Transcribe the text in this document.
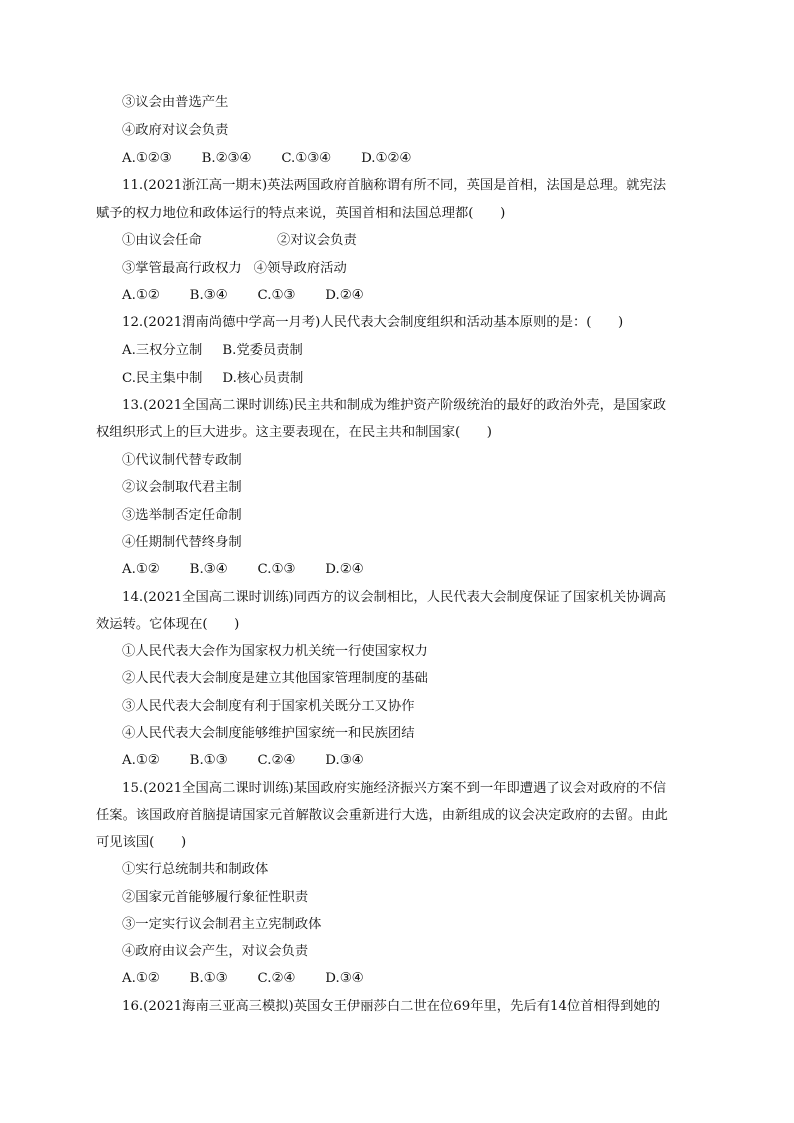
③议会由普选产生
④政府对议会负责
A.①②③ B.②③④ C.①③④ D.①②④
11.(2021浙江高一期末)英法两国政府首脑称谓有所不同，英国是首相，法国是总理。就宪法
赋予的权力地位和政体运行的特点来说，英国首相和法国总理都(　　)
①由议会任命	②对议会负责
③掌管最高行政权力 ④领导政府活动
A.①② B.③④ C.①③ D.②④
12.(2021渭南尚德中学高一月考)人民代表大会制度组织和活动基本原则的是：(　　)
A.三权分立制 B.党委员责制
C.民主集中制 D.核心员责制
13.(2021全国高二课时训练)民主共和制成为维护资产阶级统治的最好的政治外壳，是国家政
权组织形式上的巨大进步。这主要表现在，在民主共和制国家(　　)
①代议制代替专政制
②议会制取代君主制
③选举制否定任命制
④任期制代替终身制
A.①② B.③④ C.①③ D.②④
14.(2021全国高二课时训练)同西方的议会制相比，人民代表大会制度保证了国家机关协调高
效运转。它体现在(　　)
①人民代表大会作为国家权力机关统一行使国家权力
②人民代表大会制度是建立其他国家管理制度的基础
③人民代表大会制度有利于国家机关既分工又协作
④人民代表大会制度能够维护国家统一和民族团结
A.①② B.①③ C.②④ D.③④
15.(2021全国高二课时训练)某国政府实施经济振兴方案不到一年即遭遇了议会对政府的不信
任案。该国政府首脑提请国家元首解散议会重新进行大选，由新组成的议会决定政府的去留。由此
可见该国(　　)
①实行总统制共和制政体
②国家元首能够履行象征性职责
③一定实行议会制君主立宪制政体
④政府由议会产生，对议会负责
A.①② B.①③ C.②④ D.③④
16.(2021海南三亚高三模拟)英国女王伊丽莎白二世在位69年里，先后有14位首相得到她的
